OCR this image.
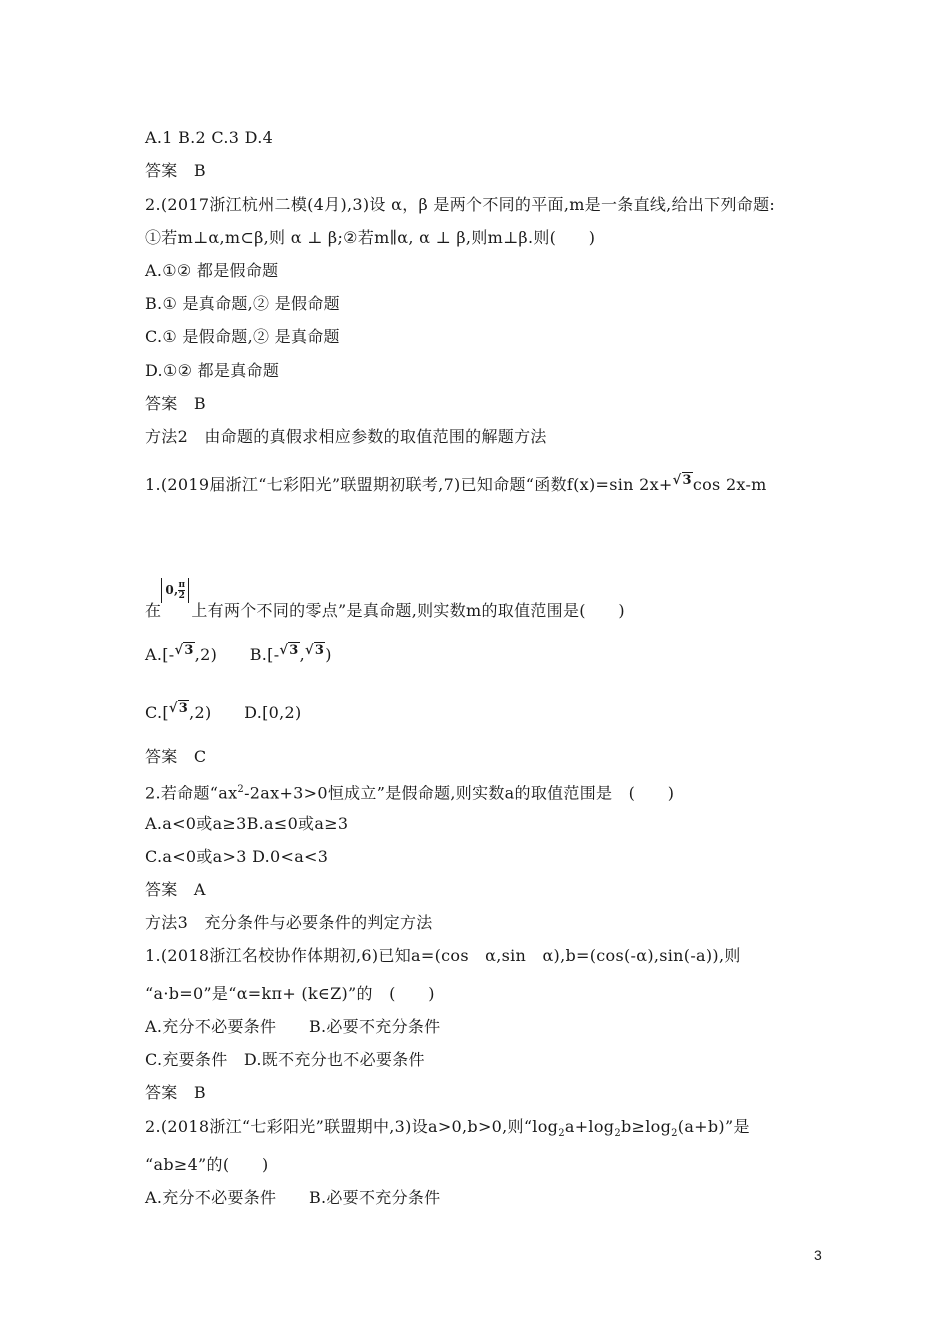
A.1 B.2 C.3 D.4
答案　B
2.(2017浙江杭州二模(4月),3)设 α，β 是两个不同的平面,m是一条直线,给出下列命题:
①若m⊥α,m⊂β,则 α ⊥ β;②若m∥α, α ⊥ β,则m⊥β.则(　　)
A.①② 都是假命题
B.① 是真命题,② 是假命题
C.① 是假命题,② 是真命题
D.①② 都是真命题
答案　B
方法2　由命题的真假求相应参数的取值范围的解题方法
1.(2019届浙江“七彩阳光”联盟期初联考,7)已知命题“函数f(x)=sin 2x+√3cos 2x-m
在0, $\frac{\pi}{2}$上有两个不同的零点”是真命题,则实数m的取值范围是(　　)
A.[-√3,2)　　B.[-√3,√3)
C.[√3,2)　　D.[0,2)
答案　C
2.若命题“$ax^2-2ax+3>0$恒成立”是假命题,则实数a的取值范围是　(　　)
A.a<0或a≥3B.a≤0或a≥3
C.a<0或a>3 D.0<a<3
答案　A
方法3　充分条件与必要条件的判定方法
1.(2018浙江名校协作体期初,6)已知a=(cos　α,sin　α),b=(cos(-α),sin(-a)),则
“a·b=0”是“α=kπ+ (k∈Z)”的　(　　)
A.充分不必要条件　　B.必要不充分条件
C.充要条件　D.既不充分也不必要条件
答案　B
2.(2018浙江“七彩阳光”联盟期中,3)设a>0,b>0,则“$\log_2a+\log_2b\ge\log_2(a+b)$”是
“ab≥4”的(　　)
A.充分不必要条件　　B.必要不充分条件
3
